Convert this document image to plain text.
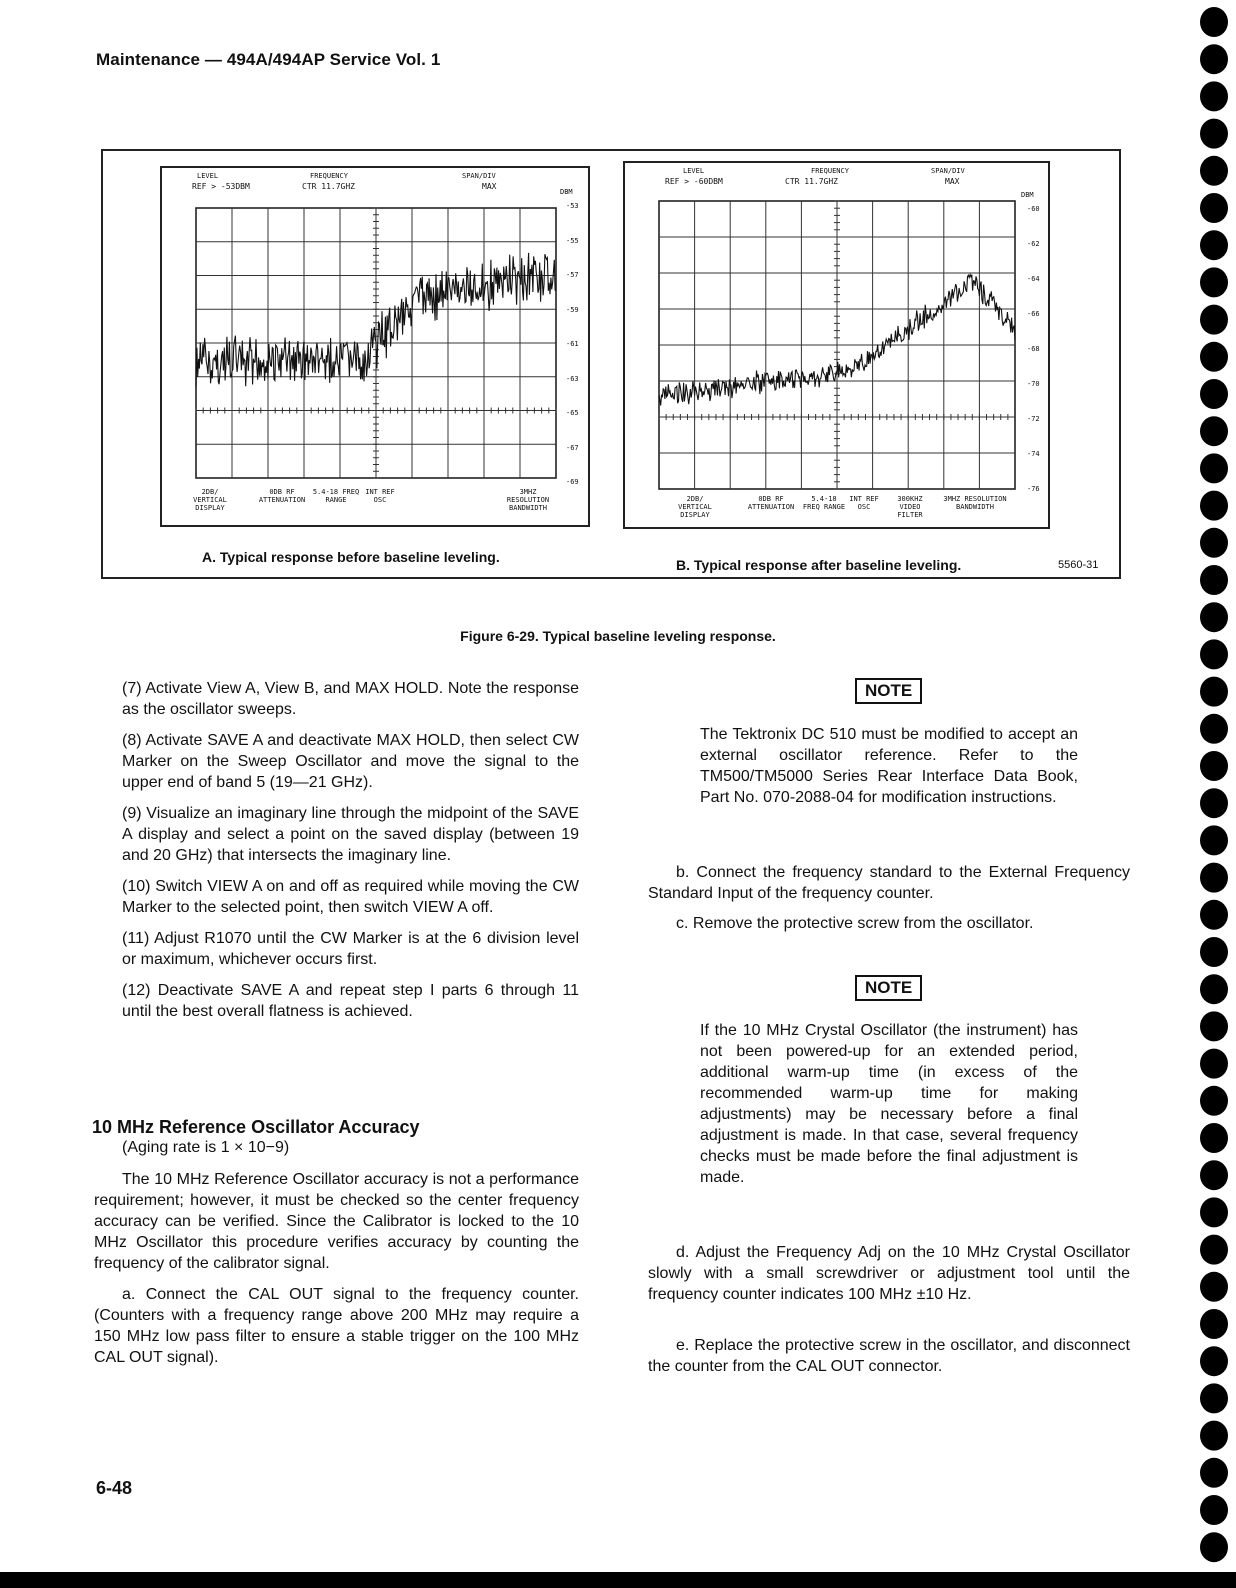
Maintenance — 494A/494AP Service Vol. 1
LEVEL
REF > -53DBM
FREQUENCY
CTR 11.7GHZ
SPAN/DIV
MAX
DBM
-53
-55
-57
-59
-61
-63
-65
-67
-69
2DB/ VERTICAL DISPLAY
0DB RF ATTENUATION
5.4-18 FREQ RANGE
INT REF OSC
3MHZ RESOLUTION BANDWIDTH
A. Typical response before baseline leveling.
LEVEL
REF > -60DBM
FREQUENCY
CTR 11.7GHZ
SPAN/DIV
MAX
DBM
-60
-62
-64
-66
-68
-70
-72
-74
-76
2DB/ VERTICAL DISPLAY
0DB RF ATTENUATION
5.4-18 FREQ RANGE
INT REF OSC
300KHZ VIDEO FILTER
3MHZ RESOLUTION BANDWIDTH
B. Typical response after baseline leveling.	5560-31
Figure 6-29. Typical baseline leveling response.

(7) Activate View A, View B, and MAX HOLD. Note the response as the oscillator sweeps.

(8) Activate SAVE A and deactivate MAX HOLD, then select CW Marker on the Sweep Oscillator and move the signal to the upper end of band 5 (19—21 GHz).

(9) Visualize an imaginary line through the midpoint of the SAVE A display and select a point on the saved display (between 19 and 20 GHz) that intersects the imaginary line.

(10) Switch VIEW A on and off as required while moving the CW Marker to the selected point, then switch VIEW A off.

(11) Adjust R1070 until the CW Marker is at the 6 division level or maximum, whichever occurs first.

(12) Deactivate SAVE A and repeat step I parts 6 through 11 until the best overall flatness is achieved.

10 MHz Reference Oscillator Accuracy
(Aging rate is 1 × 10−9)

The 10 MHz Reference Oscillator accuracy is not a performance requirement; however, it must be checked so the center frequency accuracy can be verified. Since the Calibrator is locked to the 10 MHz Oscillator this procedure verifies accuracy by counting the frequency of the calibrator signal.

a. Connect the CAL OUT signal to the frequency counter. (Counters with a frequency range above 200 MHz may require a 150 MHz low pass filter to ensure a stable trigger on the 100 MHz CAL OUT signal).

NOTE
The Tektronix DC 510 must be modified to accept an external oscillator reference. Refer to the TM500/TM5000 Series Rear Interface Data Book, Part No. 070-2088-04 for modification instructions.
b. Connect the frequency standard to the External Frequency Standard Input of the frequency counter.
c. Remove the protective screw from the oscillator.
NOTE
If the 10 MHz Crystal Oscillator (the instrument) has not been powered-up for an extended period, additional warm-up time (in excess of the recommended warm-up time for making adjustments) may be necessary before a final adjustment is made. In that case, several frequency checks must be made before the final adjustment is made.
d. Adjust the Frequency Adj on the 10 MHz Crystal Oscillator slowly with a small screwdriver or adjustment tool until the frequency counter indicates 100 MHz ±10 Hz.
e. Replace the protective screw in the oscillator, and disconnect the counter from the CAL OUT connector.
6-48
